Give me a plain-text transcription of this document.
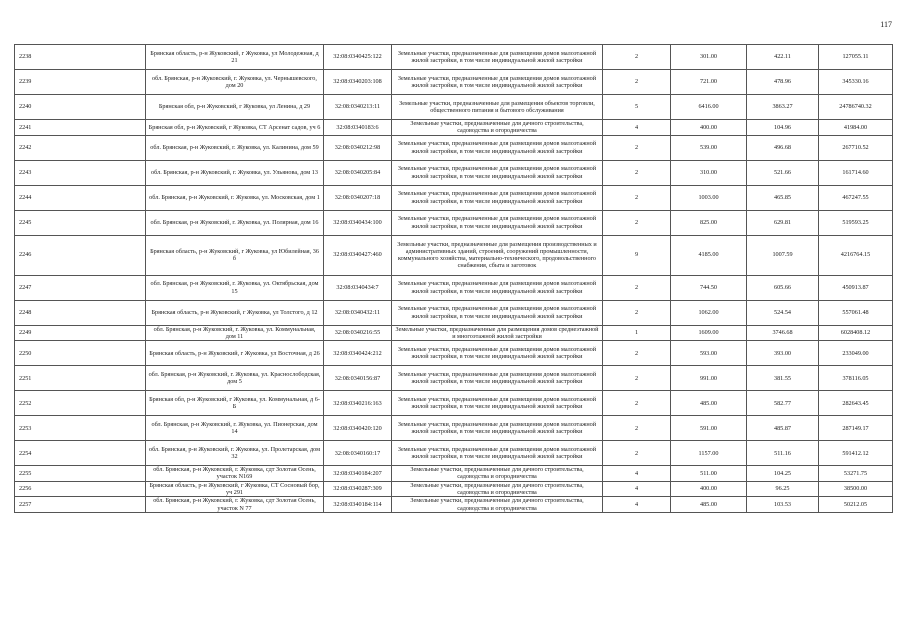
117
2238	Брянская область, р-н Жуковский, г Жуковка, ул Молодежная, д 21	32:08:0340425:122	Земельные участки, предназначенные для размещения домов малоэтажной жилой застройки, в том числе индивидуальной жилой застройки	2	301.00	422.11	127055.11
2239	обл. Брянская, р-н Жуковский, г. Жуковка, ул. Чернышевского, дом 20	32:08:0340203:108	Земельные участки, предназначенные для размещения домов малоэтажной жилой застройки, в том числе индивидуальной жилой застройки	2	721.00	478.96	345330.16
2240	Брянская обл, р-н Жуковский, г Жуковка, ул Ленина, д 29	32:08:0340213:11	Земельные участки, предназначенные для размещения объектов торговли, общественного питания и бытового обслуживания	5	6416.00	3863.27	24786740.32
2241	Брянская обл, р-н Жуковский, г Жуковка, СТ Арсенат садов, уч 6	32:08:0340183:6	Земельные участки, предназначенные для дачного строительства, садоводства и огородничества	4	400.00	104.96	41984.00
2242	обл. Брянская, р-н Жуковский, г. Жуковка, ул. Калинина, дом 59	32:08:0340212:98	Земельные участки, предназначенные для размещения домов малоэтажной жилой застройки, в том числе индивидуальной жилой застройки	2	539.00	496.68	267710.52
2243	обл. Брянская, р-н Жуковский, г. Жуковка, ул. Ульянова, дом 13	32:08:0340205:84	Земельные участки, предназначенные для размещения домов малоэтажной жилой застройки, в том числе индивидуальной жилой застройки	2	310.00	521.66	161714.60
2244	обл. Брянская, р-н Жуковский, г. Жуковка, ул. Московская, дом 1	32:08:0340207:18	Земельные участки, предназначенные для размещения домов малоэтажной жилой застройки, в том числе индивидуальной жилой застройки	2	1003.00	465.85	467247.55
2245	обл. Брянская, р-н Жуковский, г. Жуковка, ул. Полярная, дом 16	32:08:0340434:100	Земельные участки, предназначенные для размещения домов малоэтажной жилой застройки, в том числе индивидуальной жилой застройки	2	825.00	629.81	519593.25
2246	Брянская область, р-н Жуковский, г Жуковка, ул Юбилейная, 36 б	32:08:0340427:460	Земельные участки, предназначенные для размещения производственных и административных зданий, строений, сооружений промышленности, коммунального хозяйства, материально-технического, продовольственного снабжения, сбыта и заготовок	9	4185.00	1007.59	4216764.15
2247	обл. Брянская, р-н Жуковский, г. Жуковка, ул. Октябрьская, дом 15	32:08:0340434:7	Земельные участки, предназначенные для размещения домов малоэтажной жилой застройки, в том числе индивидуальной жилой застройки	2	744.50	605.66	450913.87
2248	Брянская область, р-н Жуковский, г Жуковка, ул Толстого, д 12	32:08:0340432:11	Земельные участки, предназначенные для размещения домов малоэтажной жилой застройки, в том числе индивидуальной жилой застройки	2	1062.00	524.54	557061.48
2249	обл. Брянская, р-н Жуковский, г. Жуковка, ул. Коммунальная, дом 11	32:08:0340216:55	Земельные участки, предназначенные для размещения домов среднеэтажной и многоэтажной жилой застройки	1	1609.00	3746.68	6028408.12
2250	Брянская область, р-н Жуковский, г Жуковка, ул Восточная, д 26	32:08:0340424:212	Земельные участки, предназначенные для размещения домов малоэтажной жилой застройки, в том числе индивидуальной жилой застройки	2	593.00	393.00	233049.00
2251	обл. Брянская, р-н Жуковский, г. Жуковка, ул. Краснослободская, дом 5	32:08:0340156:87	Земельные участки, предназначенные для размещения домов малоэтажной жилой застройки, в том числе индивидуальной жилой застройки	2	991.00	381.55	378116.05
2252	Брянская обл, р-н Жуковский, г Жуковка, ул. Коммунальная, д 6-Б	32:08:0340216:163	Земельные участки, предназначенные для размещения домов малоэтажной жилой застройки, в том числе индивидуальной жилой застройки	2	485.00	582.77	282643.45
2253	обл. Брянская, р-н Жуковский, г. Жуковка, ул. Пионерская, дом 14	32:08:0340420:120	Земельные участки, предназначенные для размещения домов малоэтажной жилой застройки, в том числе индивидуальной жилой застройки	2	591.00	485.87	287149.17
2254	обл. Брянская, р-н Жуковский, г. Жуковка, ул. Пролетарская, дом 32	32:08:0340160:17	Земельные участки, предназначенные для размещения домов малоэтажной жилой застройки, в том числе индивидуальной жилой застройки	2	1157.00	511.16	591412.12
2255	обл. Брянская, р-н Жуковский, г. Жуковка, сдт Золотая Осень, участок N169	32:08:0340184:207	Земельные участки, предназначенные для дачного строительства, садоводства и огородничества	4	511.00	104.25	53271.75
2256	Брянская область, р-н Жуковский, г Жуковка, СТ Сосновый бор, уч 291	32:08:0340287:309	Земельные участки, предназначенные для дачного строительства, садоводства и огородничества	4	400.00	96.25	38500.00
2257	обл. Брянская, р-н Жуковский, г. Жуковка, сдт Золотая Осень, участок N 77	32:08:0340184:114	Земельные участки, предназначенные для дачного строительства, садоводства и огородничества	4	485.00	103.53	50212.05
